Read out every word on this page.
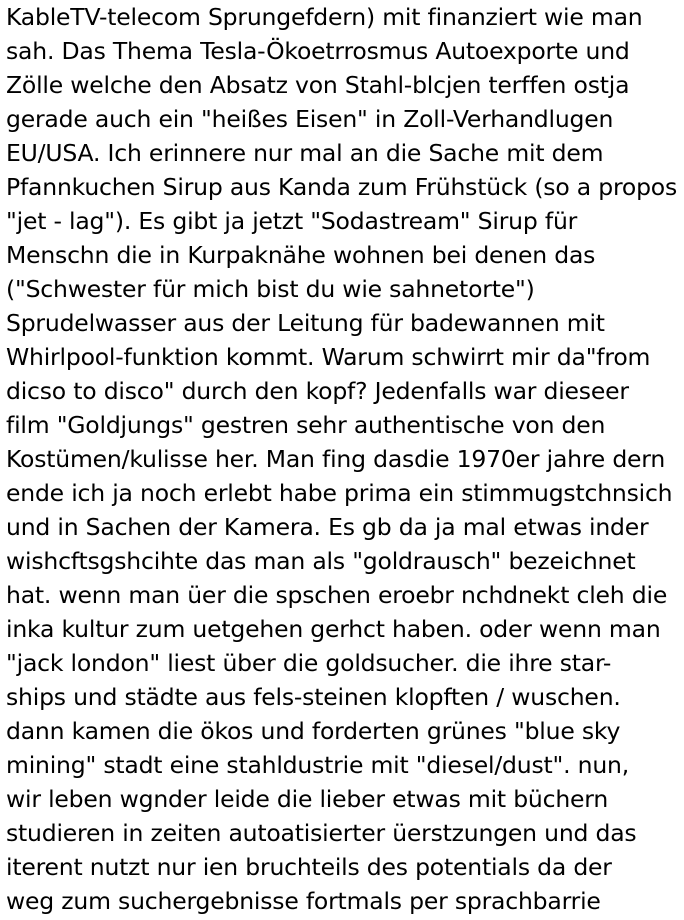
KableTV-telecom Sprungefdern) mit finanziert wie man
sah. Das Thema Tesla-Ökoetrrosmus Autoexporte und
Zölle welche den Absatz von Stahl-blcjen terffen ostja
gerade auch ein "heißes Eisen" in Zoll-Verhandlugen
EU/USA. Ich erinnere nur mal an die Sache mit dem
Pfannkuchen Sirup aus Kanda zum Frühstück (so a propos
"jet - lag"). Es gibt ja jetzt "Sodastream" Sirup für
Menschn die in Kurpaknähe wohnen bei denen das
("Schwester für mich bist du wie sahnetorte")
Sprudelwasser aus der Leitung für badewannen mit
Whirlpool-funktion kommt. Warum schwirrt mir da"from
dicso to disco" durch den kopf? Jedenfalls war dieseer
film "Goldjungs" gestren sehr authentische von den
Kostümen/kulisse her. Man fing dasdie 1970er jahre dern
ende ich ja noch erlebt habe prima ein stimmugstchnsich
und in Sachen der Kamera. Es gb da ja mal etwas inder
wishcftsgshcihte das man als "goldrausch" bezeichnet
hat. wenn man üer die spschen eroebr nchdnekt cleh die
inka kultur zum uetgehen gerhct haben. oder wenn man
"jack london" liest über die goldsucher. die ihre star-
ships und städte aus fels-steinen klopften / wuschen.
dann kamen die ökos und forderten grünes "blue sky
mining" stadt eine stahldustrie mit "diesel/dust". nun,
wir leben wgnder leide die lieber etwas mit büchern
studieren in zeiten autoatisierter üerstzungen und das
iterent nutzt nur ien bruchteils des potentials da der
weg zum suchergebnisse fortmals per sprachbarrie
